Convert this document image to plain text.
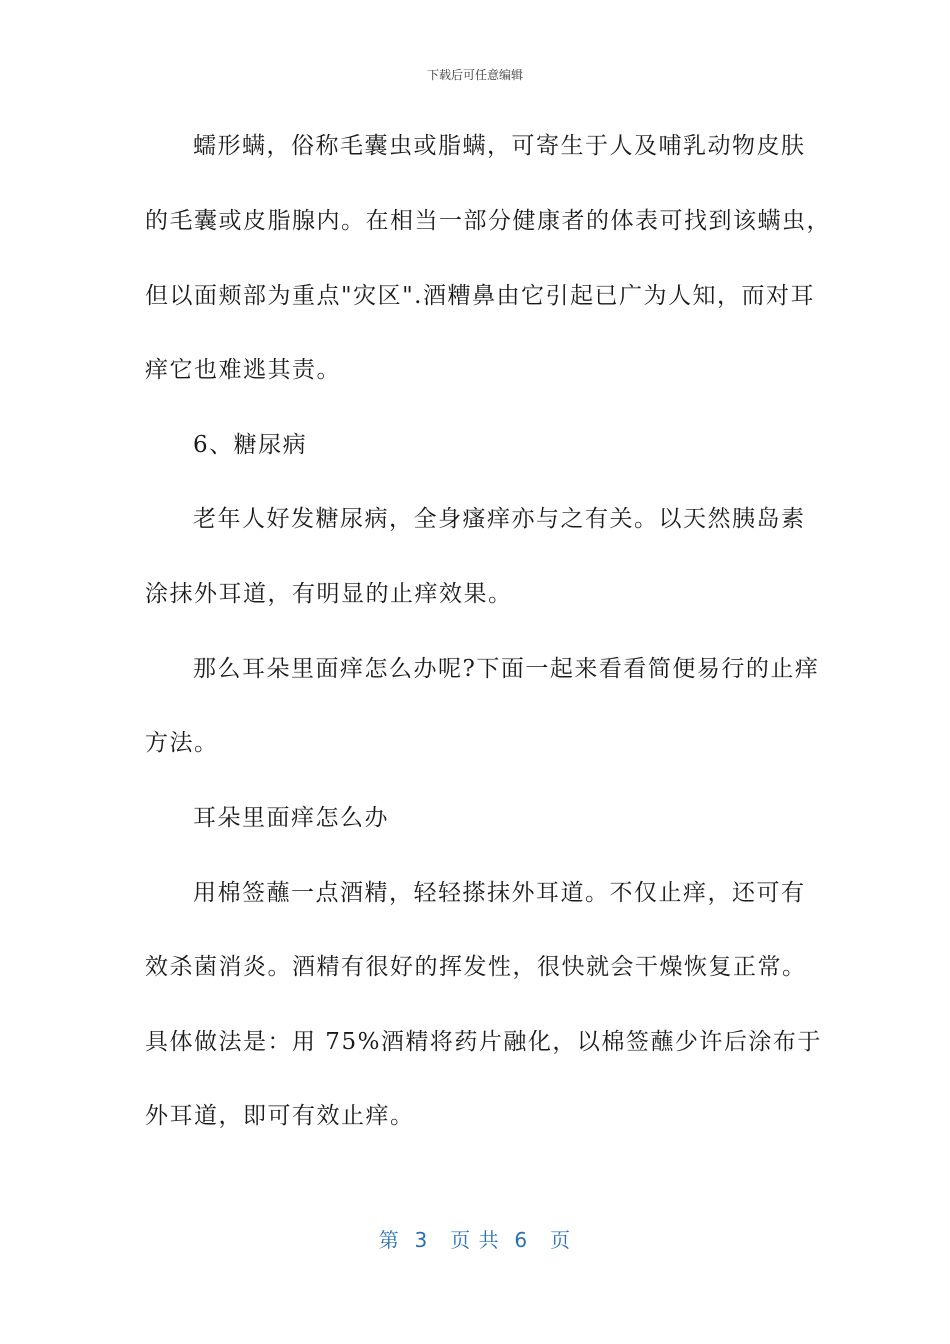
下载后可任意编辑
蠕形螨，俗称毛囊虫或脂螨，可寄生于人及哺乳动物皮肤
的毛囊或皮脂腺内。在相当一部分健康者的体表可找到该螨虫，
但以面颊部为重点"灾区".酒糟鼻由它引起已广为人知，而对耳
痒它也难逃其责。
6、糖尿病
老年人好发糖尿病，全身瘙痒亦与之有关。以天然胰岛素
涂抹外耳道，有明显的止痒效果。
那么耳朵里面痒怎么办呢?下面一起来看看简便易行的止痒
方法。
耳朵里面痒怎么办
用棉签蘸一点酒精，轻轻搽抹外耳道。不仅止痒，还可有
效杀菌消炎。酒精有很好的挥发性，很快就会干燥恢复正常。
具体做法是：用 75%酒精将药片融化，以棉签蘸少许后涂布于
外耳道，即可有效止痒。
第  3   页 共  6   页
